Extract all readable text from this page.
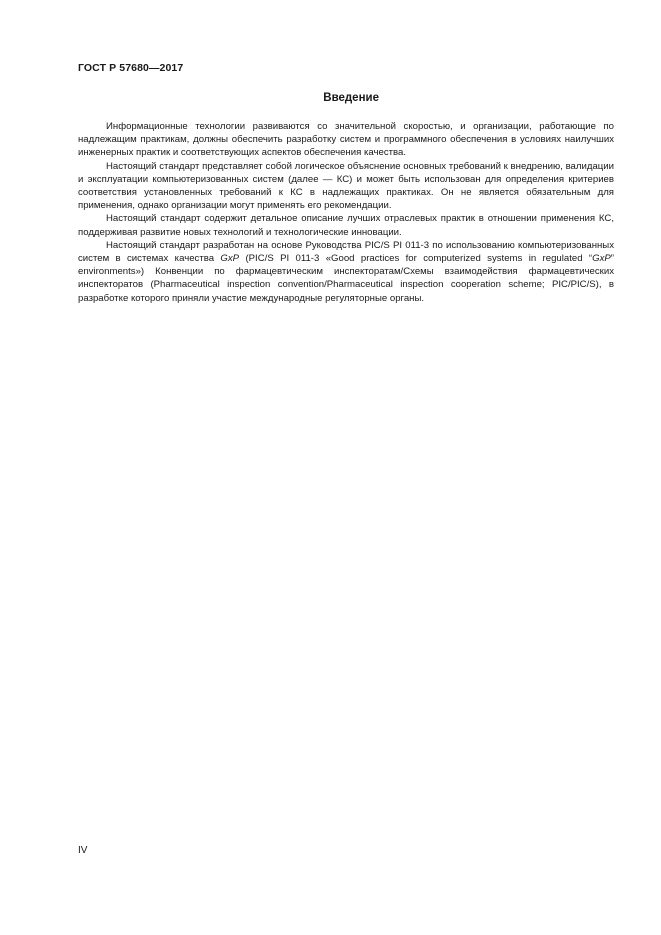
ГОСТ Р 57680—2017
Введение

Информационные технологии развиваются со значительной скоростью, и организации, работающие по надлежащим практикам, должны обеспечить разработку систем и программного обеспечения в условиях наилучших инженерных практик и соответствующих аспектов обеспечения качества.

Настоящий стандарт представляет собой логическое объяснение основных требований к внедрению, валидации и эксплуатации компьютеризованных систем (далее — КС) и может быть использован для определения критериев соответствия установленных требований к КС в надлежащих практиках. Он не является обязательным для применения, однако организации могут применять его рекомендации.

Настоящий стандарт содержит детальное описание лучших отраслевых практик в отношении применения КС, поддерживая развитие новых технологий и технологические инновации.

Настоящий стандарт разработан на основе Руководства PIC/S PI 011-3 по использованию компьютеризованных систем в системах качества GxP (PIC/S PI 011-3 «Good practices for computerized systems in regulated “GxP” environments») Конвенции по фармацевтическим инспекторатам/Схемы взаимодействия фармацевтических инспекторатов (Pharmaceutical inspection convention/Pharmaceutical inspection cooperation scheme; PIC/PIC/S), в разработке которого приняли участие международные регуляторные органы.

IV
